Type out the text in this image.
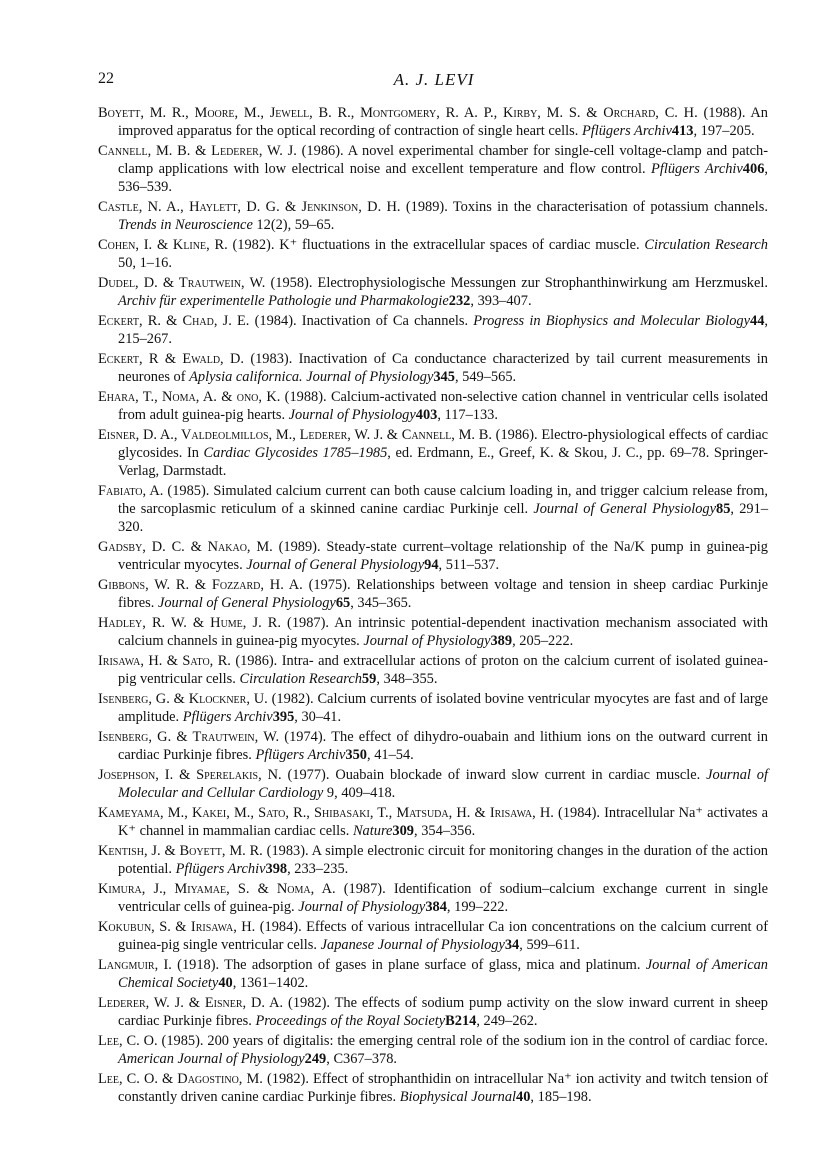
22	A. J. LEVI

Boyett, M. R., Moore, M., Jewell, B. R., Montgomery, R. A. P., Kirby, M. S. & Orchard, C. H. (1988). An improved apparatus for the optical recording of contraction of single heart cells. Pflügers Archiv413, 197–205.

Cannell, M. B. & Lederer, W. J. (1986). A novel experimental chamber for single-cell voltage-clamp and patch-clamp applications with low electrical noise and excellent temperature and flow control. Pflügers Archiv406, 536–539.

Castle, N. A., Haylett, D. G. & Jenkinson, D. H. (1989). Toxins in the characterisation of potassium channels. Trends in Neuroscience 12(2), 59–65.

Cohen, I. & Kline, R. (1982). K⁺ fluctuations in the extracellular spaces of cardiac muscle. Circulation Research 50, 1–16.

Dudel, D. & Trautwein, W. (1958). Electrophysiologische Messungen zur Strophanthinwirkung am Herzmuskel. Archiv für experimentelle Pathologie und Pharmakologie232, 393–407.

Eckert, R. & Chad, J. E. (1984). Inactivation of Ca channels. Progress in Biophysics and Molecular Biology44, 215–267.

Eckert, R & Ewald, D. (1983). Inactivation of Ca conductance characterized by tail current measurements in neurones of Aplysia californica. Journal of Physiology345, 549–565.

Ehara, T., Noma, A. & ono, K. (1988). Calcium-activated non-selective cation channel in ventricular cells isolated from adult guinea-pig hearts. Journal of Physiology403, 117–133.

Eisner, D. A., Valdeolmillos, M., Lederer, W. J. & Cannell, M. B. (1986). Electro-physiological effects of cardiac glycosides. In Cardiac Glycosides 1785–1985, ed. Erdmann, E., Greef, K. & Skou, J. C., pp. 69–78. Springer-Verlag, Darmstadt.

Fabiato, A. (1985). Simulated calcium current can both cause calcium loading in, and trigger calcium release from, the sarcoplasmic reticulum of a skinned canine cardiac Purkinje cell. Journal of General Physiology85, 291–320.

Gadsby, D. C. & Nakao, M. (1989). Steady-state current–voltage relationship of the Na/K pump in guinea-pig ventricular myocytes. Journal of General Physiology94, 511–537.

Gibbons, W. R. & Fozzard, H. A. (1975). Relationships between voltage and tension in sheep cardiac Purkinje fibres. Journal of General Physiology65, 345–365.

Hadley, R. W. & Hume, J. R. (1987). An intrinsic potential-dependent inactivation mechanism associated with calcium channels in guinea-pig myocytes. Journal of Physiology389, 205–222.

Irisawa, H. & Sato, R. (1986). Intra- and extracellular actions of proton on the calcium current of isolated guinea-pig ventricular cells. Circulation Research59, 348–355.

Isenberg, G. & Klockner, U. (1982). Calcium currents of isolated bovine ventricular myocytes are fast and of large amplitude. Pflügers Archiv395, 30–41.

Isenberg, G. & Trautwein, W. (1974). The effect of dihydro-ouabain and lithium ions on the outward current in cardiac Purkinje fibres. Pflügers Archiv350, 41–54.

Josephson, I. & Sperelakis, N. (1977). Ouabain blockade of inward slow current in cardiac muscle. Journal of Molecular and Cellular Cardiology 9, 409–418.

Kameyama, M., Kakei, M., Sato, R., Shibasaki, T., Matsuda, H. & Irisawa, H. (1984). Intracellular Na⁺ activates a K⁺ channel in mammalian cardiac cells. Nature309, 354–356.

Kentish, J. & Boyett, M. R. (1983). A simple electronic circuit for monitoring changes in the duration of the action potential. Pflügers Archiv398, 233–235.

Kimura, J., Miyamae, S. & Noma, A. (1987). Identification of sodium–calcium exchange current in single ventricular cells of guinea-pig. Journal of Physiology384, 199–222.

Kokubun, S. & Irisawa, H. (1984). Effects of various intracellular Ca ion concentrations on the calcium current of guinea-pig single ventricular cells. Japanese Journal of Physiology34, 599–611.

Langmuir, I. (1918). The adsorption of gases in plane surface of glass, mica and platinum. Journal of American Chemical Society40, 1361–1402.

Lederer, W. J. & Eisner, D. A. (1982). The effects of sodium pump activity on the slow inward current in sheep cardiac Purkinje fibres. Proceedings of the Royal SocietyB214, 249–262.

Lee, C. O. (1985). 200 years of digitalis: the emerging central role of the sodium ion in the control of cardiac force. American Journal of Physiology249, C367–378.

Lee, C. O. & Dagostino, M. (1982). Effect of strophanthidin on intracellular Na⁺ ion activity and twitch tension of constantly driven canine cardiac Purkinje fibres. Biophysical Journal40, 185–198.
